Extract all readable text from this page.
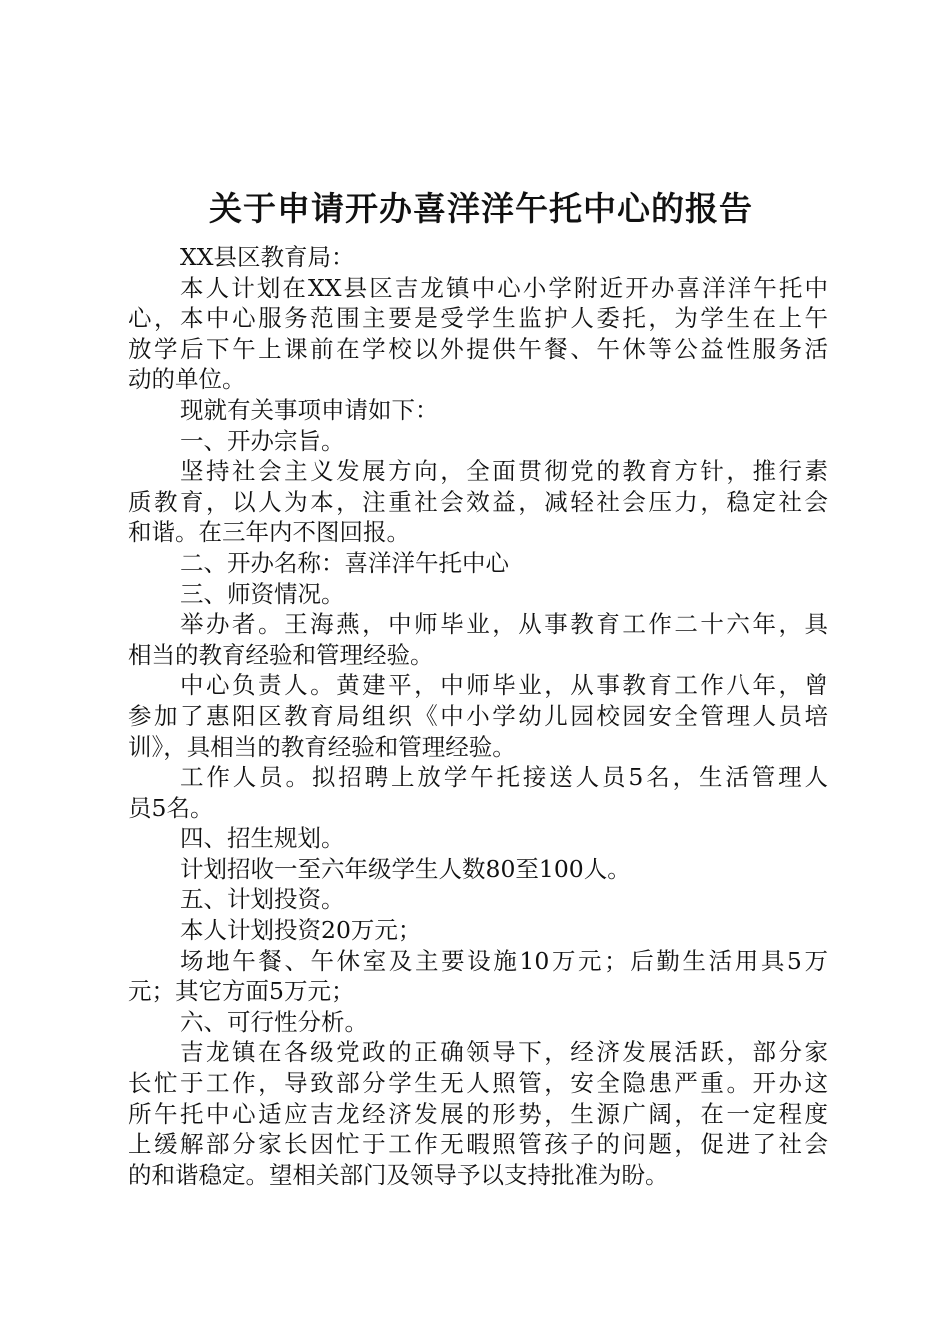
关于申请开办喜洋洋午托中心的报告

XX县区教育局：

本人计划在XX县区吉龙镇中心小学附近开办喜洋洋午托中

心，本中心服务范围主要是受学生监护人委托，为学生在上午

放学后下午上课前在学校以外提供午餐、午休等公益性服务活

动的单位。

现就有关事项申请如下：

一、开办宗旨。

坚持社会主义发展方向，全面贯彻党的教育方针，推行素

质教育，以人为本，注重社会效益，减轻社会压力，稳定社会

和谐。在三年内不图回报。

二、开办名称：喜洋洋午托中心

三、师资情况。

举办者。王海燕，中师毕业，从事教育工作二十六年，具

相当的教育经验和管理经验。

中心负责人。黄建平，中师毕业，从事教育工作八年，曾

参加了惠阳区教育局组织《中小学幼儿园校园安全管理人员培

训》，具相当的教育经验和管理经验。

工作人员。拟招聘上放学午托接送人员5名，生活管理人

员5名。

四、招生规划。

计划招收一至六年级学生人数80至100人。

五、计划投资。

本人计划投资20万元；

场地午餐、午休室及主要设施10万元；后勤生活用具5万

元；其它方面5万元；

六、可行性分析。

吉龙镇在各级党政的正确领导下，经济发展活跃，部分家

长忙于工作，导致部分学生无人照管，安全隐患严重。开办这

所午托中心适应吉龙经济发展的形势，生源广阔，在一定程度

上缓解部分家长因忙于工作无暇照管孩子的问题，促进了社会

的和谐稳定。望相关部门及领导予以支持批准为盼。
